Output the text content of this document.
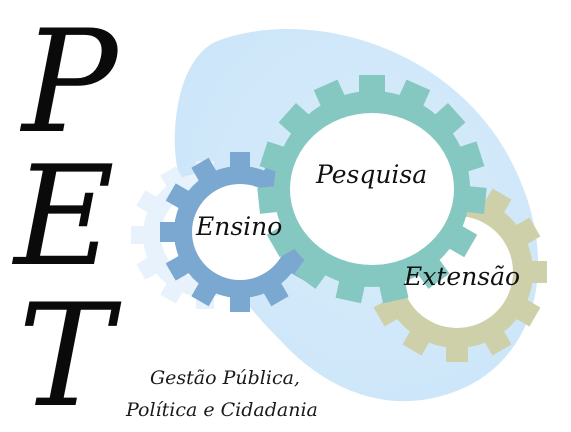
P

E

T

Pesquisa

Ensino

Extensão

Gestão Pública,

Política e Cidadania
